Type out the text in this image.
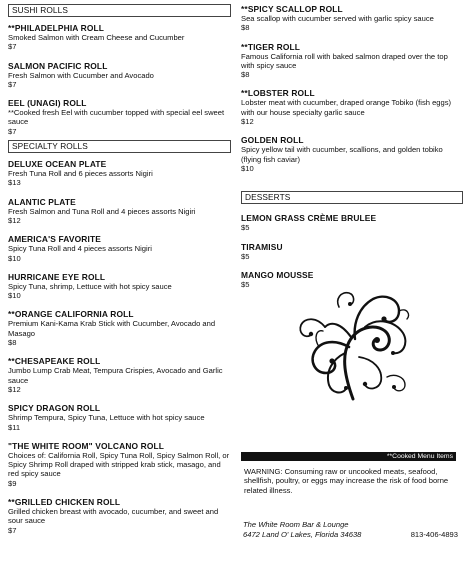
SUSHI ROLLS
**PHILADELPHIA ROLL
Smoked Salmon with Cream Cheese and Cucumber
$7
SALMON PACIFIC ROLL
Fresh Salmon with Cucumber and Avocado
$7
EEL (UNAGI) ROLL
**Cooked fresh Eel with cucumber topped with special eel sweet sauce
$7
SPECIALTY ROLLS
DELUXE OCEAN PLATE
Fresh Tuna Roll and 6 pieces assorts Nigiri
$13
ALANTIC PLATE
Fresh Salmon and Tuna Roll and 4 pieces assorts Nigiri
$12
AMERICA'S FAVORITE
Spicy Tuna Roll and 4 pieces assorts Nigiri
$10
HURRICANE EYE ROLL
Spicy Tuna, shrimp, Lettuce with hot spicy sauce
$10
**ORANGE CALIFORNIA ROLL
Premium Kani-Kama Krab Stick with Cucumber, Avocado and Masago
$8
**CHESAPEAKE ROLL
Jumbo Lump Crab Meat, Tempura Crispies, Avocado and Garlic sauce
$12
SPICY DRAGON ROLL
Shrimp Tempura, Spicy Tuna, Lettuce with hot spicy sauce
$11
"THE WHITE ROOM" VOLCANO ROLL
Choices of: California Roll, Spicy Tuna Roll, Spicy Salmon Roll, or Spicy Shrimp Roll draped with stripped krab stick, masago, and red spicy sauce
$9
**GRILLED CHICKEN ROLL
Grilled chicken breast with avocado, cucumber, and sweet and sour sauce
$7
**SPICY SCALLOP ROLL
Sea scallop with cucumber served with garlic spicy sauce
$8
**TIGER ROLL
Famous California roll with baked salmon draped over the top with spicy sauce
$8
**LOBSTER ROLL
Lobster meat with cucumber, draped orange Tobiko (fish eggs) with our house specialty garlic sauce
$12
GOLDEN ROLL
Spicy yellow tail with cucumber, scallions, and golden tobiko (flying fish caviar)
$10
DESSERTS
LEMON GRASS CRÈME BRULEE
$5
TIRAMISU
$5
MANGO MOUSSE
$5
**Cooked Menu Items
WARNING: Consuming raw or uncooked meats, seafood, shellfish, poultry, or eggs may increase the risk of food borne related illness.
The White Room Bar & Lounge
6472 Land O' Lakes, Florida 34638	813-406-4893
